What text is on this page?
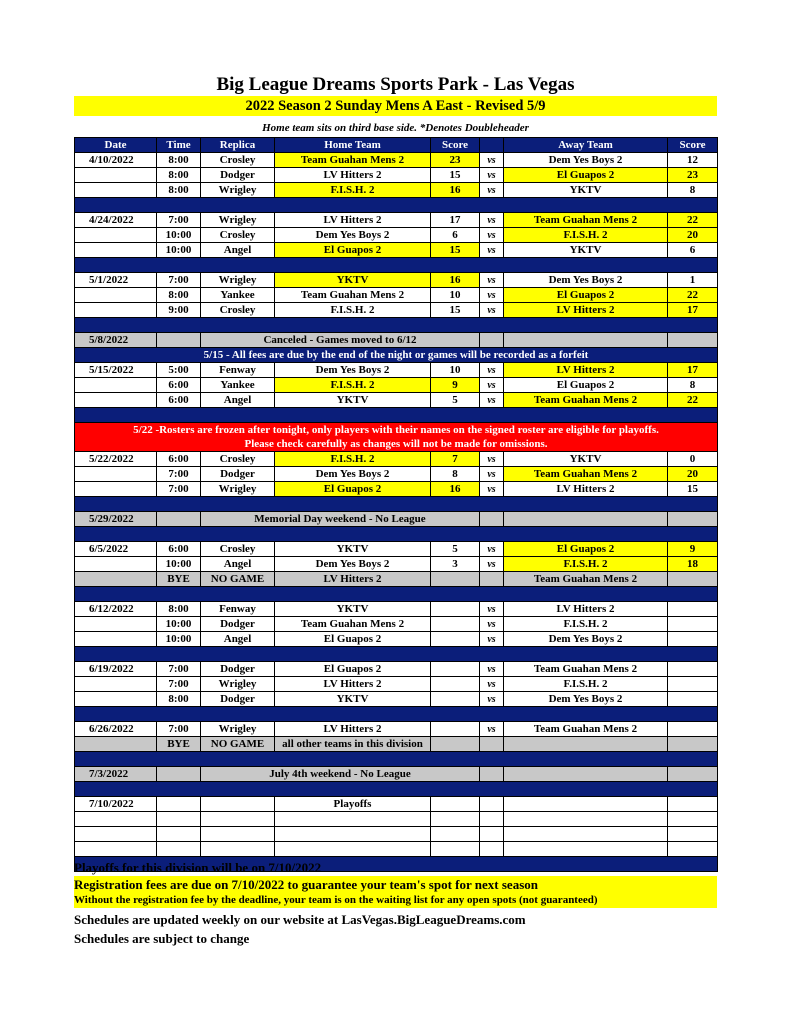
Big League Dreams Sports Park - Las Vegas
2022 Season 2 Sunday Mens A East - Revised 5/9
Home team sits on third base side. *Denotes Doubleheader
Date	Time	Replica	Home Team	Score		Away Team	Score
4/10/2022	8:00	Crosley	Team Guahan Mens 2	23	vs	Dem Yes Boys 2	12
	8:00	Dodger	LV Hitters 2	15	vs	El Guapos 2	23
	8:00	Wrigley	F.I.S.H. 2	16	vs	YKTV	8

4/24/2022	7:00	Wrigley	LV Hitters 2	17	vs	Team Guahan Mens 2	22
	10:00	Crosley	Dem Yes Boys 2	6	vs	F.I.S.H. 2	20
	10:00	Angel	El Guapos 2	15	vs	YKTV	6

5/1/2022	7:00	Wrigley	YKTV	16	vs	Dem Yes Boys 2	1
	8:00	Yankee	Team Guahan Mens 2	10	vs	El Guapos 2	22
	9:00	Crosley	F.I.S.H. 2	15	vs	LV Hitters 2	17

5/8/2022		Canceled - Games moved to 6/12					
5/15 - All fees are due by the end of the night or games will be recorded as a forfeit							
5/15/2022	5:00	Fenway	Dem Yes Boys 2	10	vs	LV Hitters 2	17
	6:00	Yankee	F.I.S.H. 2	9	vs	El Guapos 2	8
	6:00	Angel	YKTV	5	vs	Team Guahan Mens 2	22

5/22 -Rosters are frozen after tonight, only players with their names on the signed roster are eligible for playoffs.
Please check carefully as changes will not be made for omissions.							

5/22/2022	6:00	Crosley	F.I.S.H. 2	7	vs	YKTV	0
	7:00	Dodger	Dem Yes Boys 2	8	vs	Team Guahan Mens 2	20
	7:00	Wrigley	El Guapos 2	16	vs	LV Hitters 2	15

5/29/2022		Memorial Day weekend - No League					

6/5/2022	6:00	Crosley	YKTV	5	vs	El Guapos 2	9
	10:00	Angel	Dem Yes Boys 2	3	vs	F.I.S.H. 2	18
	BYE	NO GAME	LV Hitters 2			Team Guahan Mens 2	

6/12/2022	8:00	Fenway	YKTV		vs	LV Hitters 2	
	10:00	Dodger	Team Guahan Mens 2		vs	F.I.S.H. 2	
	10:00	Angel	El Guapos 2		vs	Dem Yes Boys 2	

6/19/2022	7:00	Dodger	El Guapos 2		vs	Team Guahan Mens 2	
	7:00	Wrigley	LV Hitters 2		vs	F.I.S.H. 2	
	8:00	Dodger	YKTV		vs	Dem Yes Boys 2	

6/26/2022	7:00	Wrigley	LV Hitters 2		vs	Team Guahan Mens 2	
	BYE	NO GAME	all other teams in this division				

7/3/2022		July 4th weekend - No League					

7/10/2022			Playoffs				

Playoffs for this division will be on 7/10/2022
Registration fees are due on 7/10/2022 to guarantee your team's spot for next season
Without the registration fee by the deadline, your team is on the waiting list for any open spots (not guaranteed)
Schedules are updated weekly on our website at LasVegas.BigLeagueDreams.com
Schedules are subject to change
